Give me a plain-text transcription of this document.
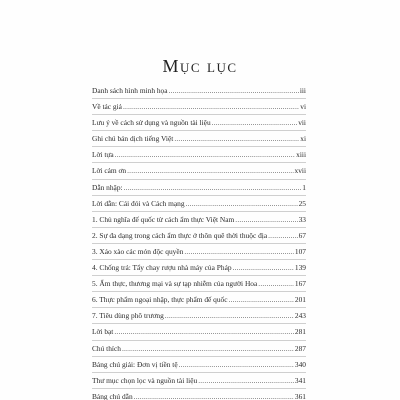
Mục lục
Danh sách hình minh họa .....	iii
Về tác giả .....	vi
Lưu ý về cách sử dụng và nguồn tài liệu .....	vii
Ghi chú bản dịch tiếng Việt .....	xi
Lời tựa .....	xiii
Lời cảm ơn .....	xvii
Dẫn nhập: .....	1
Lời dẫn: Cái đói và Cách mạng .....	25
1. Chủ nghĩa đế quốc từ cách ẩm thực Việt Nam .....	33
2. Sự đa dạng trong cách ẩm thực ở thôn quê thời thuộc địa .....	67
3. Xáo xào các món độc quyền .....	107
4. Chống trả: Tẩy chay rượu nhà máy của Pháp .....	139
5. Ẩm thực, thương mại và sự tạp nhiễm của người Hoa .....	167
6. Thực phẩm ngoại nhập, thực phẩm đế quốc .....	201
7. Tiêu dùng phô trương .....	243
Lời bạt .....	281
Chú thích .....	287
Bảng chú giải: Đơn vị tiền tệ .....	340
Thư mục chọn lọc và nguồn tài liệu .....	341
Bảng chú dẫn .....	361
